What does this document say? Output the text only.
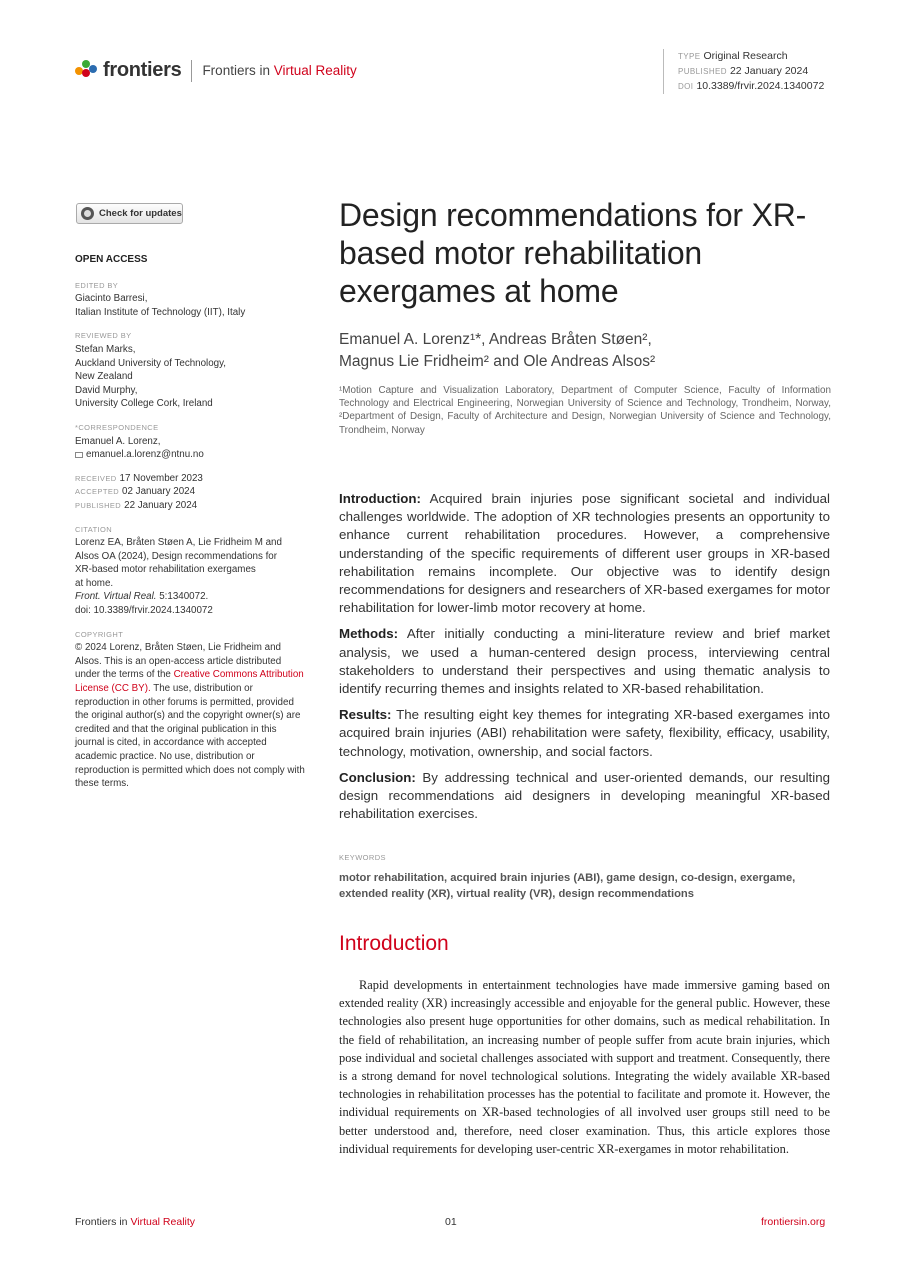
frontiers Frontiers in Virtual Reality
TYPE Original Research
PUBLISHED 22 January 2024
DOI 10.3389/frvir.2024.1340072
Check for updates
OPEN ACCESS
EDITED BY

Giacinto Barresi,

Italian Institute of Technology (IIT), Italy

REVIEWED BY

Stefan Marks,

Auckland University of Technology,

New Zealand

David Murphy,

University College Cork, Ireland

*CORRESPONDENCE

Emanuel A. Lorenz,

emanuel.a.lorenz@ntnu.no

RECEIVED 17 November 2023

ACCEPTED 02 January 2024

PUBLISHED 22 January 2024

CITATION

Lorenz EA, Bråten Støen A, Lie Fridheim M and

Alsos OA (2024), Design recommendations for

XR-based motor rehabilitation exergames

at home.

Front. Virtual Real. 5:1340072.

doi: 10.3389/frvir.2024.1340072

COPYRIGHT

© 2024 Lorenz, Bråten Støen, Lie Fridheim and Alsos. This is an open-access article distributed under the terms of the Creative Commons Attribution License (CC BY). The use, distribution or reproduction in other forums is permitted, provided the original author(s) and the copyright owner(s) are credited and that the original publication in this journal is cited, in accordance with accepted academic practice. No use, distribution or reproduction is permitted which does not comply with these terms.

Design recommendations for XR-based motor rehabilitation exergames at home
Emanuel A. Lorenz¹*, Andreas Bråten Støen²,
Magnus Lie Fridheim² and Ole Andreas Alsos²
¹Motion Capture and Visualization Laboratory, Department of Computer Science, Faculty of Information Technology and Electrical Engineering, Norwegian University of Science and Technology, Trondheim, Norway, ²Department of Design, Faculty of Architecture and Design, Norwegian University of Science and Technology, Trondheim, Norway

Introduction: Acquired brain injuries pose significant societal and individual challenges worldwide. The adoption of XR technologies presents an opportunity to enhance current rehabilitation procedures. However, a comprehensive understanding of the specific requirements of different user groups in XR-based rehabilitation remains incomplete. Our objective was to identify design recommendations for designers and researchers of XR-based exergames for motor rehabilitation for lower-limb motor recovery at home.

Methods: After initially conducting a mini-literature review and brief market analysis, we used a human-centered design process, interviewing central stakeholders to understand their perspectives and using thematic analysis to identify recurring themes and insights related to XR-based rehabilitation.

Results: The resulting eight key themes for integrating XR-based exergames into acquired brain injuries (ABI) rehabilitation were safety, flexibility, efficacy, usability, technology, motivation, ownership, and social factors.

Conclusion: By addressing technical and user-oriented demands, our resulting design recommendations aid designers in developing meaningful XR-based rehabilitation exercises.

KEYWORDS
motor rehabilitation, acquired brain injuries (ABI), game design, co-design, exergame, extended reality (XR), virtual reality (VR), design recommendations
Introduction
Rapid developments in entertainment technologies have made immersive gaming based on extended reality (XR) increasingly accessible and enjoyable for the general public. However, these technologies also present huge opportunities for other domains, such as medical rehabilitation. In the field of rehabilitation, an increasing number of people suffer from acute brain injuries, which pose individual and societal challenges associated with support and treatment. Consequently, there is a strong demand for novel technological solutions. Integrating the widely available XR-based technologies in rehabilitation processes has the potential to facilitate and promote it. However, the individual requirements on XR-based technologies of all involved user groups still need to be better understood and, therefore, need closer examination. Thus, this article explores those individual requirements for developing user-centric XR-exergames in motor rehabilitation.
Frontiers in Virtual Reality	01	frontiersin.org
